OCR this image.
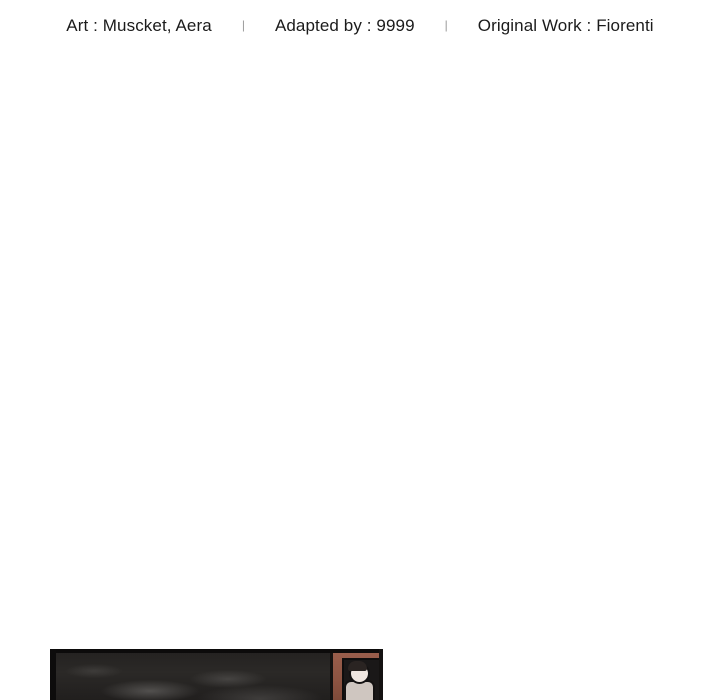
Art : Muscket, Aera	|	Adapted by : 9999	|	Original Work : Fiorenti
